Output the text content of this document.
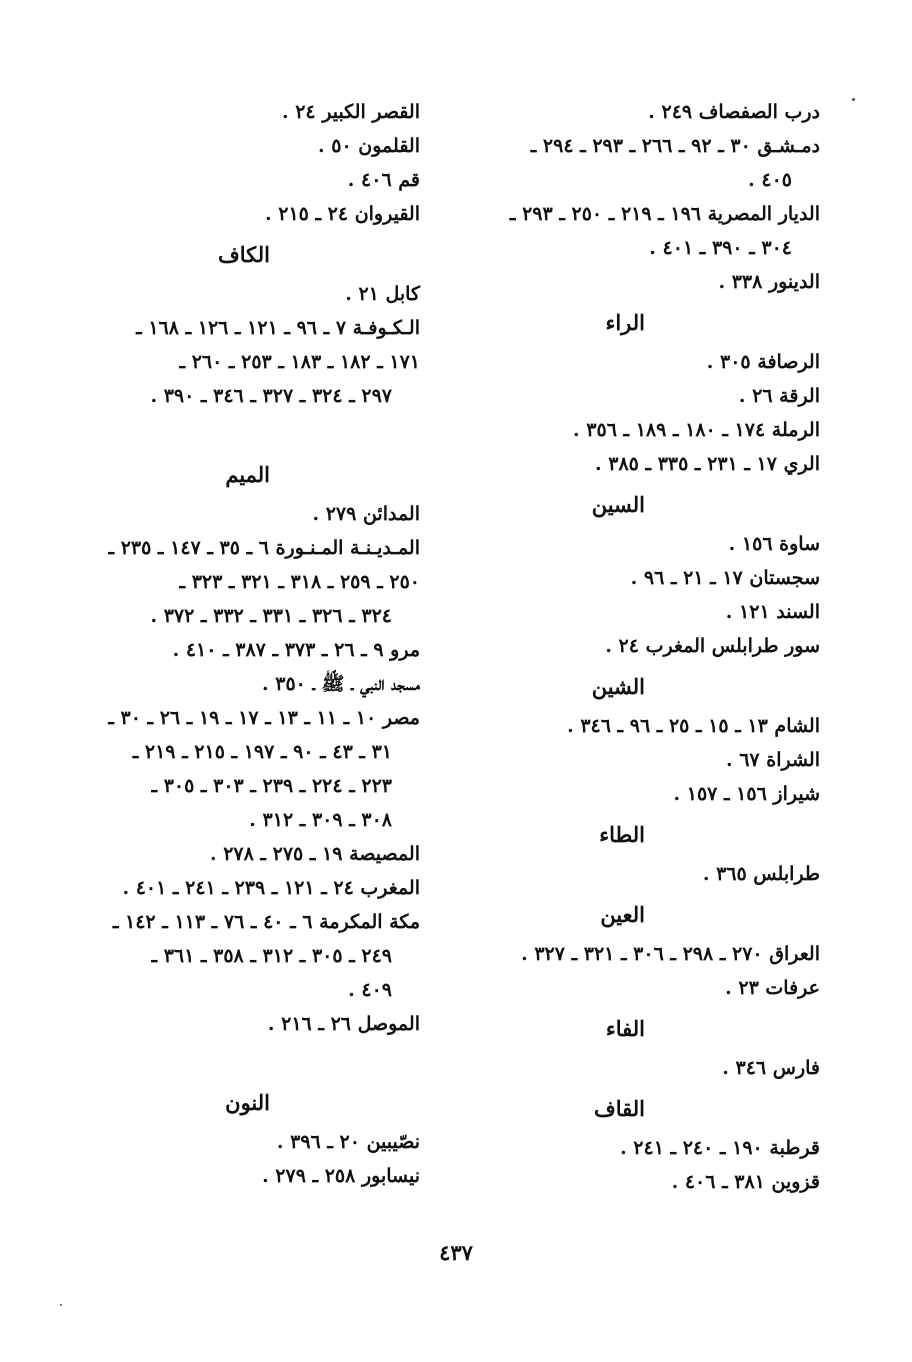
درب الصفصاف ٢٤٩ .
دمـشـق ٣٠ ـ ٩٢ ـ ٢٦٦ ـ ٢٩٣ ـ ٢٩٤ ـ
٤٠٥ .
الديار المصرية ١٩٦ ـ ٢١٩ ـ ٢٥٠ ـ ٢٩٣ ـ
٣٠٤ ـ ٣٩٠ ـ ٤٠١ .
الدينور ٣٣٨ .
الراء
الرصافة ٣٠٥ .
الرقة ٢٦ .
الرملة ١٧٤ ـ ١٨٠ ـ ١٨٩ ـ ٣٥٦ .
الري ١٧ ـ ٢٣١ ـ ٣٣٥ ـ ٣٨٥ .
السين
ساوة ١٥٦ .
سجستان ١٧ ـ ٢١ ـ ٩٦ .
السند ١٢١ .
سور طرابلس المغرب ٢٤ .
الشين
الشام ١٣ ـ ١٥ ـ ٢٥ ـ ٩٦ ـ ٣٤٦ .
الشراة ٦٧ .
شيراز ١٥٦ ـ ١٥٧ .
الطاء
طرابلس ٣٦٥ .
العين
العراق ٢٧٠ ـ ٢٩٨ ـ ٣٠٦ ـ ٣٢١ ـ ٣٢٧ .
عرفات ٢٣ .
الفاء
فارس ٣٤٦ .
القاف
قرطبة ١٩٠ ـ ٢٤٠ ـ ٢٤١ .
قزوين ٣٨١ ـ ٤٠٦ .
القصر الكبير ٢٤ .
القلمون ٥٠ .
قم ٤٠٦ .
القيروان ٢٤ ـ ٢١٥ .
الكاف
كابل ٢١ .
الـكـوفـة ٧ ـ ٩٦ ـ ١٢١ ـ ١٢٦ ـ ١٦٨ ـ
١٧١ ـ ١٨٢ ـ ١٨٣ ـ ٢٥٣ ـ ٢٦٠ ـ
٢٩٧ ـ ٣٢٤ ـ ٣٢٧ ـ ٣٤٦ ـ ٣٩٠ .
الميم
المدائن ٢٧٩ .
المـديـنـة المـنـورة ٦ ـ ٣٥ ـ ١٤٧ ـ ٢٣٥ ـ
٢٥٠ ـ ٢٥٩ ـ ٣١٨ ـ ٣٢١ ـ ٣٢٣ ـ
٣٢٤ ـ ٣٢٦ ـ ٣٣١ ـ ٣٣٢ ـ ٣٧٢ .
مرو ٩ ـ ٢٦ ـ ٣٧٣ ـ ٣٨٧ ـ ٤١٠ .
مسجد النبي ـ ﷺ ـ ٣٥٠ .
مصر ١٠ ـ ١١ ـ ١٣ ـ ١٧ ـ ١٩ ـ ٢٦ ـ ٣٠ ـ
٣١ ـ ٤٣ ـ ٩٠ ـ ١٩٧ ـ ٢١٥ ـ ٢١٩ ـ
٢٢٣ ـ ٢٢٤ ـ ٢٣٩ ـ ٣٠٣ ـ ٣٠٥ ـ
٣٠٨ ـ ٣٠٩ ـ ٣١٢ .
المصيصة ١٩ ـ ٢٧٥ ـ ٢٧٨ .
المغرب ٢٤ ـ ١٢١ ـ ٢٣٩ ـ ٢٤١ ـ ٤٠١ .
مكة المكرمة ٦ ـ ٤٠ ـ ٧٦ ـ ١١٣ ـ ١٤٢ ـ
٢٤٩ ـ ٣٠٥ ـ ٣١٢ ـ ٣٥٨ ـ ٣٦١ ـ
٤٠٩ .
الموصل ٢٦ ـ ٢١٦ .
النون
نصّيبين ٢٠ ـ ٣٩٦ .
نيسابور ٢٥٨ ـ ٢٧٩ .
٤٣٧
